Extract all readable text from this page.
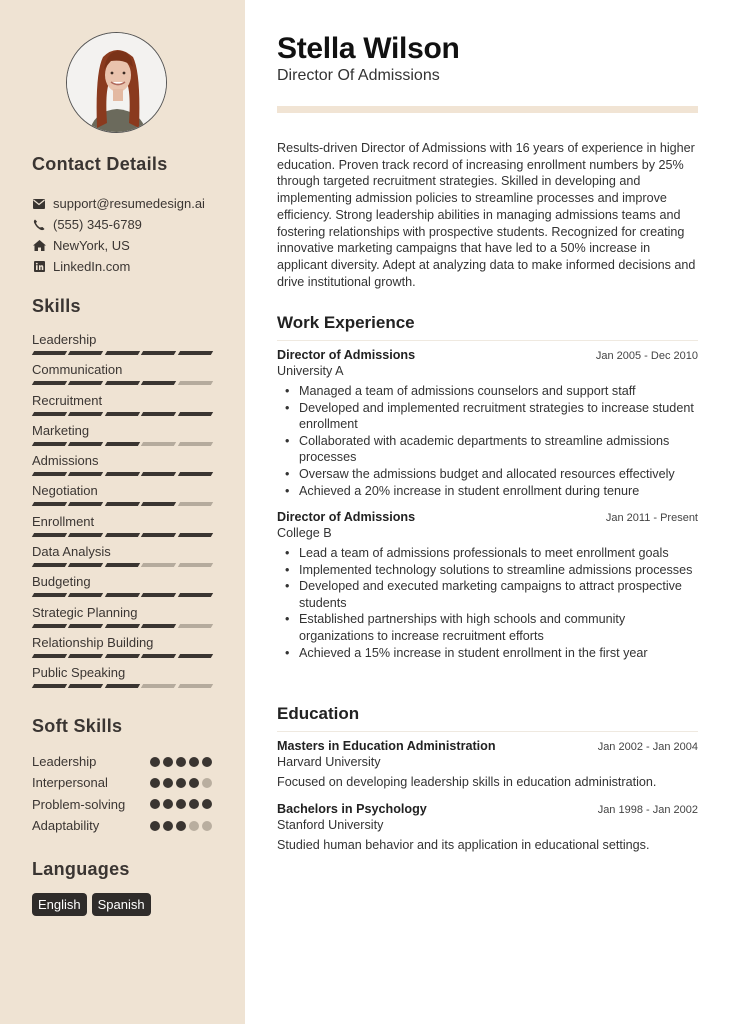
Contact Details
support@resumedesign.ai
(555) 345-6789
NewYork, US
LinkedIn.com
Skills
Leadership
Communication
Recruitment
Marketing
Admissions
Negotiation
Enrollment
Data Analysis
Budgeting
Strategic Planning
Relationship Building
Public Speaking
Soft Skills
Leadership
Interpersonal
Problem-solving
Adaptability
Languages
English	Spanish
Stella Wilson
Director Of Admissions

Results-driven Director of Admissions with 16 years of experience in higher education. Proven track record of increasing enrollment numbers by 25% through targeted recruitment strategies. Skilled in developing and implementing admission policies to streamline processes and improve efficiency. Strong leadership abilities in managing admissions teams and fostering relationships with prospective students. Recognized for creating innovative marketing campaigns that have led to a 50% increase in applicant diversity. Adept at analyzing data to make informed decisions and drive institutional growth.

Work Experience
Director of Admissions	Jan 2005 - Dec 2010
University A
• Managed a team of admissions counselors and support staff
• Developed and implemented recruitment strategies to increase student enrollment
• Collaborated with academic departments to streamline admissions processes
• Oversaw the admissions budget and allocated resources effectively
• Achieved a 20% increase in student enrollment during tenure
Director of Admissions	Jan 2011 - Present
College B
• Lead a team of admissions professionals to meet enrollment goals
• Implemented technology solutions to streamline admissions processes
• Developed and executed marketing campaigns to attract prospective students
• Established partnerships with high schools and community organizations to increase recruitment efforts
• Achieved a 15% increase in student enrollment in the first year
Education
Masters in Education Administration	Jan 2002 - Jan 2004
Harvard University
Focused on developing leadership skills in education administration.
Bachelors in Psychology	Jan 1998 - Jan 2002
Stanford University
Studied human behavior and its application in educational settings.
